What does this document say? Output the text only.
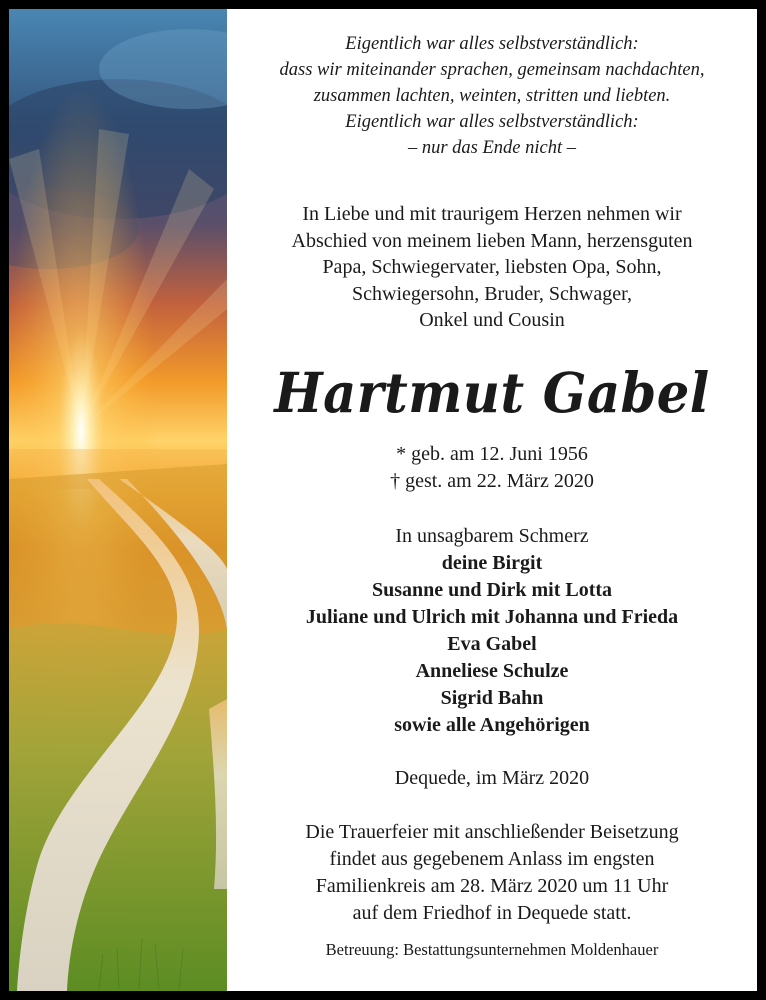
Eigentlich war alles selbstverständlich:
dass wir miteinander sprachen, gemeinsam nachdachten,
zusammen lachten, weinten, stritten und liebten.
Eigentlich war alles selbstverständlich:
– nur das Ende nicht –
In Liebe und mit traurigem Herzen nehmen wir
Abschied von meinem lieben Mann, herzensguten
Papa, Schwiegervater, liebsten Opa, Sohn,
Schwiegersohn, Bruder, Schwager,
Onkel und Cousin
Hartmut Gabel
* geb. am 12. Juni 1956
† gest. am 22. März 2020
In unsagbarem Schmerz
deine Birgit
Susanne und Dirk mit Lotta
Juliane und Ulrich mit Johanna und Frieda
Eva Gabel
Anneliese Schulze
Sigrid Bahn
sowie alle Angehörigen
Dequede, im März 2020
Die Trauerfeier mit anschließender Beisetzung
findet aus gegebenem Anlass im engsten
Familienkreis am 28. März 2020 um 11 Uhr
auf dem Friedhof in Dequede statt.
Betreuung: Bestattungsunternehmen Moldenhauer
